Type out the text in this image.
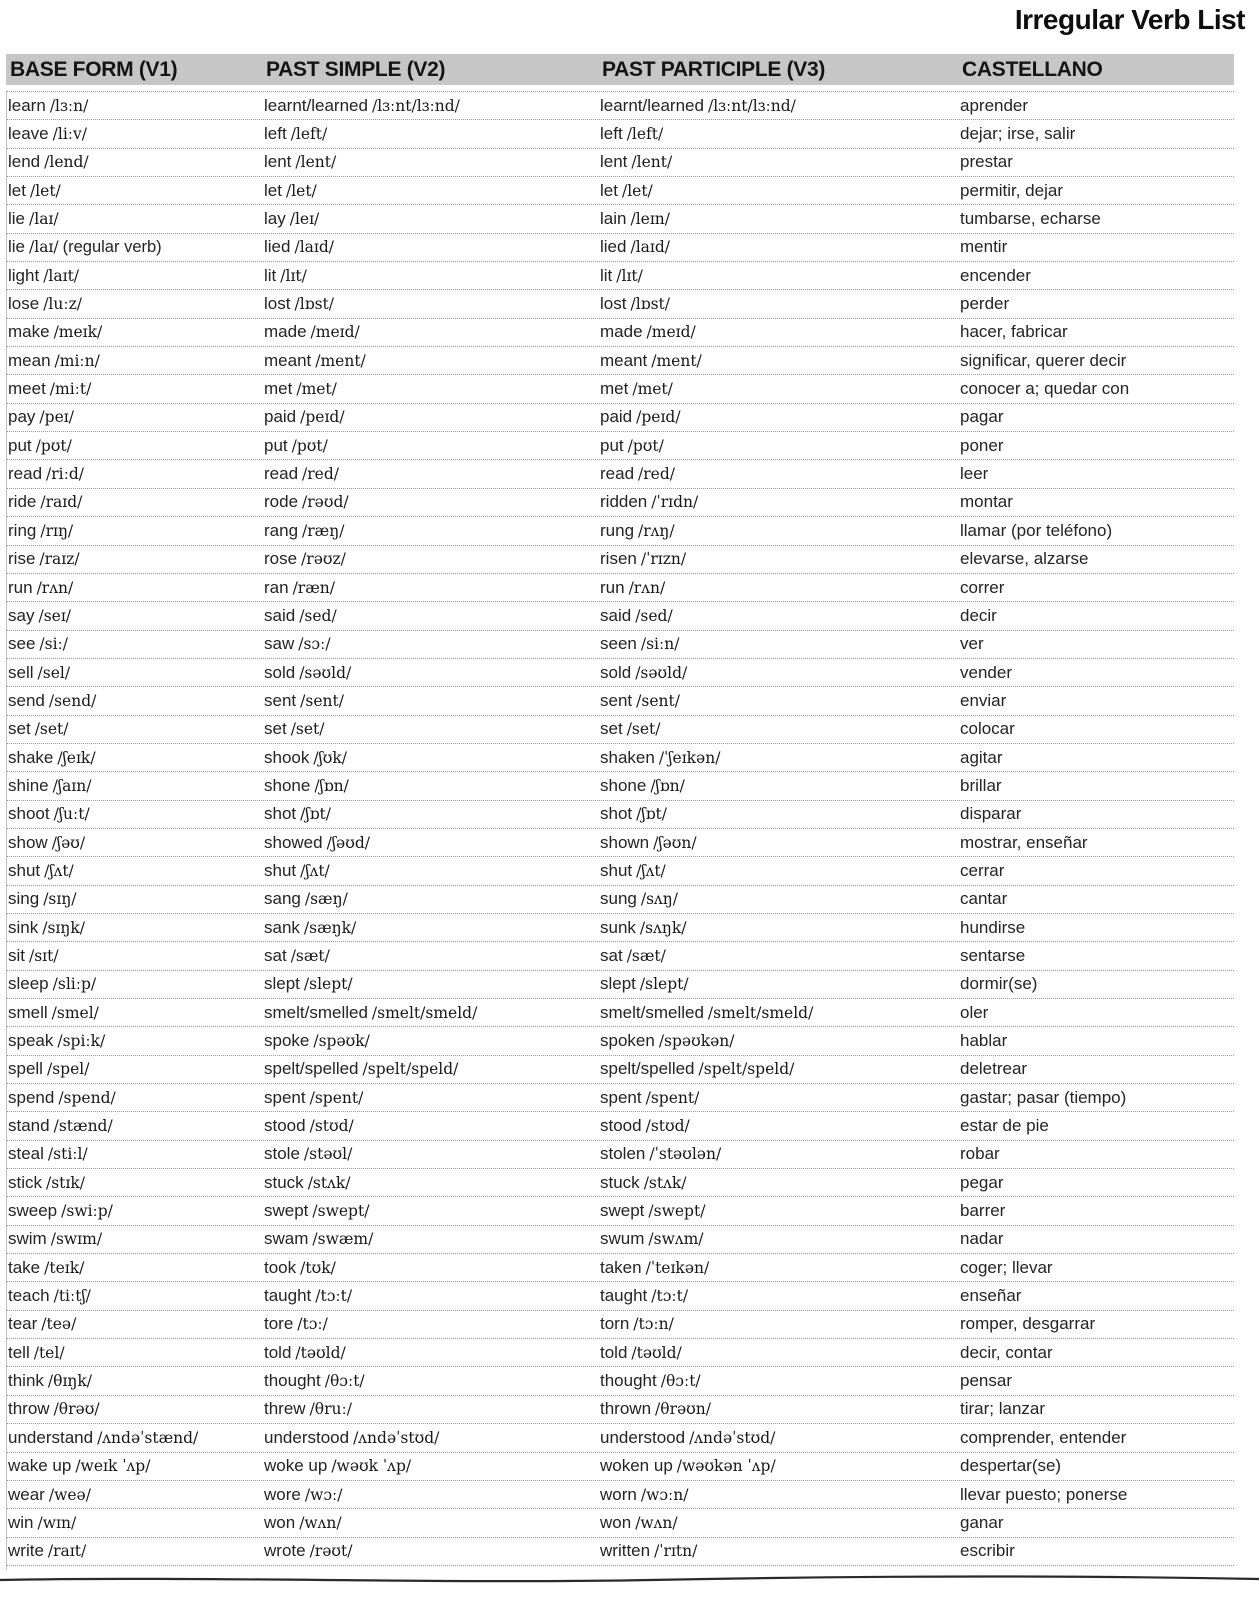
Irregular Verb List
BASE FORM (V1)	PAST SIMPLE (V2)	PAST PARTICIPLE (V3)	CASTELLANO
learn /lɜːn/	learnt/learned /lɜːnt/lɜːnd/	learnt/learned /lɜːnt/lɜːnd/	aprender
leave /liːv/	left /left/	left /left/	dejar; irse, salir
lend /lend/	lent /lent/	lent /lent/	prestar
let /let/	let /let/	let /let/	permitir, dejar
lie /laɪ/	lay /leɪ/	lain /leɪn/	tumbarse, echarse
lie /laɪ/ (regular verb)	lied /laɪd/	lied /laɪd/	mentir
light /laɪt/	lit /lɪt/	lit /lɪt/	encender
lose /luːz/	lost /lɒst/	lost /lɒst/	perder
make /meɪk/	made /meɪd/	made /meɪd/	hacer, fabricar
mean /miːn/	meant /ment/	meant /ment/	significar, querer decir
meet /miːt/	met /met/	met /met/	conocer a; quedar con
pay /peɪ/	paid /peɪd/	paid /peɪd/	pagar
put /pʊt/	put /pʊt/	put /pʊt/	poner
read /riːd/	read /red/	read /red/	leer
ride /raɪd/	rode /rəʊd/	ridden /ˈrɪdn/	montar
ring /rɪŋ/	rang /ræŋ/	rung /rʌŋ/	llamar (por teléfono)
rise /raɪz/	rose /rəʊz/	risen /ˈrɪzn/	elevarse, alzarse
run /rʌn/	ran /ræn/	run /rʌn/	correr
say /seɪ/	said /sed/	said /sed/	decir
see /siː/	saw /sɔː/	seen /siːn/	ver
sell /sel/	sold /səʊld/	sold /səʊld/	vender
send /send/	sent /sent/	sent /sent/	enviar
set /set/	set /set/	set /set/	colocar
shake /ʃeɪk/	shook /ʃʊk/	shaken /ˈʃeɪkən/	agitar
shine /ʃaɪn/	shone /ʃɒn/	shone /ʃɒn/	brillar
shoot /ʃuːt/	shot /ʃɒt/	shot /ʃɒt/	disparar
show /ʃəʊ/	showed /ʃəʊd/	shown /ʃəʊn/	mostrar, enseñar
shut /ʃʌt/	shut /ʃʌt/	shut /ʃʌt/	cerrar
sing /sɪŋ/	sang /sæŋ/	sung /sʌŋ/	cantar
sink /sɪŋk/	sank /sæŋk/	sunk /sʌŋk/	hundirse
sit /sɪt/	sat /sæt/	sat /sæt/	sentarse
sleep /sliːp/	slept /slept/	slept /slept/	dormir(se)
smell /smel/	smelt/smelled /smelt/smeld/	smelt/smelled /smelt/smeld/	oler
speak /spiːk/	spoke /spəʊk/	spoken /spəʊkən/	hablar
spell /spel/	spelt/spelled /spelt/speld/	spelt/spelled /spelt/speld/	deletrear
spend /spend/	spent /spent/	spent /spent/	gastar; pasar (tiempo)
stand /stænd/	stood /stʊd/	stood /stʊd/	estar de pie
steal /stiːl/	stole /stəʊl/	stolen /ˈstəʊlən/	robar
stick /stɪk/	stuck /stʌk/	stuck /stʌk/	pegar
sweep /swiːp/	swept /swept/	swept /swept/	barrer
swim /swɪm/	swam /swæm/	swum /swʌm/	nadar
take /teɪk/	took /tʊk/	taken /ˈteɪkən/	coger; llevar
teach /tiːtʃ/	taught /tɔːt/	taught /tɔːt/	enseñar
tear /teə/	tore /tɔː/	torn /tɔːn/	romper, desgarrar
tell /tel/	told /təʊld/	told /təʊld/	decir, contar
think /θɪŋk/	thought /θɔːt/	thought /θɔːt/	pensar
throw /θrəʊ/	threw /θruː/	thrown /θrəʊn/	tirar; lanzar
understand /ʌndəˈstænd/	understood /ʌndəˈstʊd/	understood /ʌndəˈstʊd/	comprender, entender
wake up /weɪk ˈʌp/	woke up /wəʊk ˈʌp/	woken up /wəʊkən ˈʌp/	despertar(se)
wear /weə/	wore /wɔː/	worn /wɔːn/	llevar puesto; ponerse
win /wɪn/	won /wʌn/	won /wʌn/	ganar
write /raɪt/	wrote /rəʊt/	written /ˈrɪtn/	escribir
